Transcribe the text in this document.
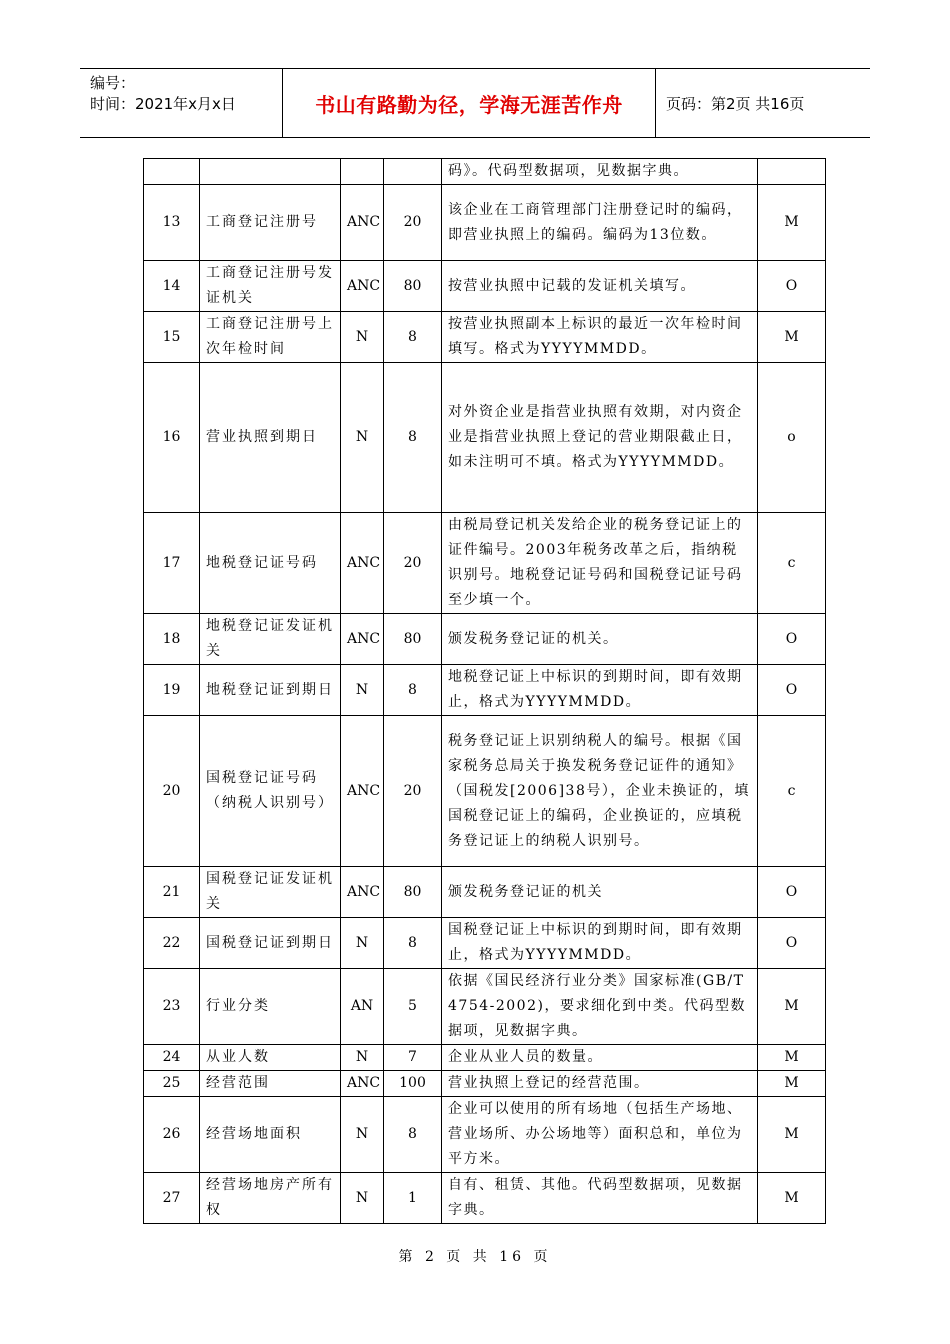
编号：
时间：2021年x月x日	书山有路勤为径，学海无涯苦作舟	页码：第2页 共16页
				码》。代码型数据项，见数据字典。	
13	工商登记注册号	ANC	20	该企业在工商管理部门注册登记时的编码，即营业执照上的编码。编码为13位数。	M
14	工商登记注册号发证机关	ANC	80	按营业执照中记载的发证机关填写。	O
15	工商登记注册号上次年检时间	N	8	按营业执照副本上标识的最近一次年检时间填写。格式为YYYYMMDD。	M
16	营业执照到期日	N	8	对外资企业是指营业执照有效期，对内资企业是指营业执照上登记的营业期限截止日，如未注明可不填。格式为YYYYMMDD。	o
17	地税登记证号码	ANC	20	由税局登记机关发给企业的税务登记证上的证件编号。2003年税务改革之后，指纳税识别号。地税登记证号码和国税登记证号码至少填一个。	c
18	地税登记证发证机关	ANC	80	颁发税务登记证的机关。	O
19	地税登记证到期日	N	8	地税登记证上中标识的到期时间，即有效期止，格式为YYYYMMDD。	O
20	国税登记证号码（纳税人识别号）	ANC	20	税务登记证上识别纳税人的编号。根据《国家税务总局关于换发税务登记证件的通知》（国税发[2006]38号），企业未换证的，填国税登记证上的编码，企业换证的，应填税务登记证上的纳税人识别号。	c
21	国税登记证发证机关	ANC	80	颁发税务登记证的机关	O
22	国税登记证到期日	N	8	国税登记证上中标识的到期时间，即有效期止，格式为YYYYMMDD。	O
23	行业分类	AN	5	依据《国民经济行业分类》国家标准(GB/T 4754-2002)，要求细化到中类。代码型数据项，见数据字典。	M
24	从业人数	N	7	企业从业人员的数量。	M
25	经营范围	ANC	100	营业执照上登记的经营范围。	M
26	经营场地面积	N	8	企业可以使用的所有场地（包括生产场地、营业场所、办公场地等）面积总和，单位为平方米。	M
27	经营场地房产所有权	N	1	自有、租赁、其他。代码型数据项，见数据字典。	M
第 2 页 共 16 页
